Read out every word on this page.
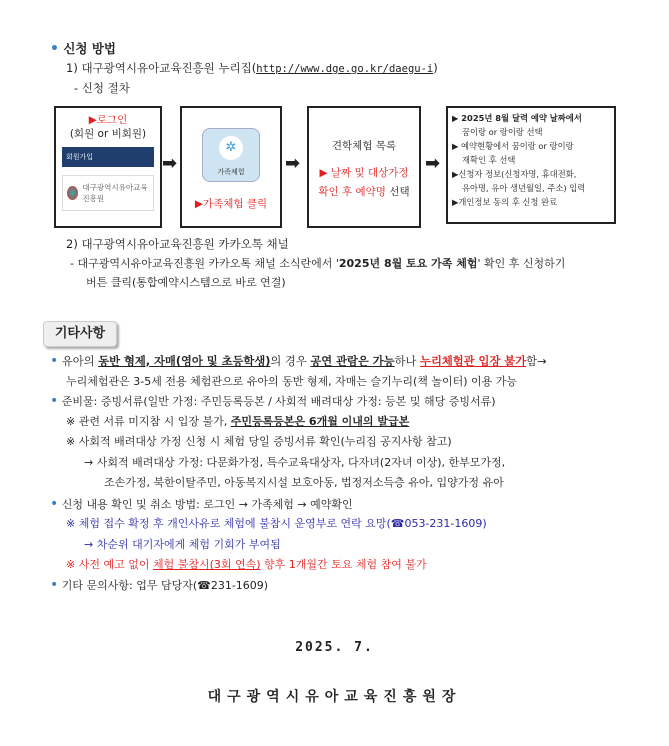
• 신청 방법
1) 대구광역시유아교육진흥원 누리집(http://www.dge.go.kr/daegu-i)
- 신청 절차
▶로그인
(회원 or 비회원)
회원가입
대구광역시유아교육진흥원
➡
✲
가족체험
▶가족체험 클릭
➡
견학체험 목록
▶ 날짜 및 대상가정
확인 후 예약명 선택
➡
▶ 2025년 8월 달력 예약 날짜에서
꿈이랑 or 랑이랑 선택
▶ 예약현황에서 꿈이랑 or 랑이랑
재확인 후 선택
▶신청자 정보(신청자명, 휴대전화,
유아명, 유아 생년월일, 주소) 입력
▶개인정보 동의 후 신청 완료
2) 대구광역시유아교육진흥원 카카오톡 채널
- 대구광역시유아교육진흥원 카카오톡 채널 소식란에서 '2025년 8월 토요 가족 체험' 확인 후 신청하기
버튼 클릭(통합예약시스템으로 바로 연결)
기타사항
• 유아의 동반 형제, 자매(영아 및 초등학생)의 경우 공연 관람은 가능하나 누리체험관 입장 불가함→
누리체험관은 3-5세 전용 체험관으로 유아의 동반 형제, 자매는 슬기누리(책 놀이터) 이용 가능
• 준비물: 증빙서류(일반 가정: 주민등록등본 / 사회적 배려대상 가정: 등본 및 해당 증빙서류)
※ 관련 서류 미지참 시 입장 불가, 주민등록등본은 6개월 이내의 발급본
※ 사회적 배려대상 가정 신청 시 체험 당일 증빙서류 확인(누리집 공지사항 참고)
→ 사회적 배려대상 가정: 다문화가정, 특수교육대상자, 다자녀(2자녀 이상), 한부모가정,
조손가정, 북한이탈주민, 아동복지시설 보호아동, 법정저소득층 유아, 입양가정 유아
• 신청 내용 확인 및 취소 방법: 로그인 → 가족체험 → 예약확인
※ 체험 접수 확정 후 개인사유로 체험에 불참시 운영부로 연락 요망(☎053-231-1609)
→ 차순위 대기자에게 체험 기회가 부여됨
※ 사전 예고 없이 체험 불참시(3회 연속) 향후 1개월간 토요 체험 참여 불가
• 기타 문의사항: 업무 담당자(☎231-1609)
2025. 7.
대구광역시유아교육진흥원장
